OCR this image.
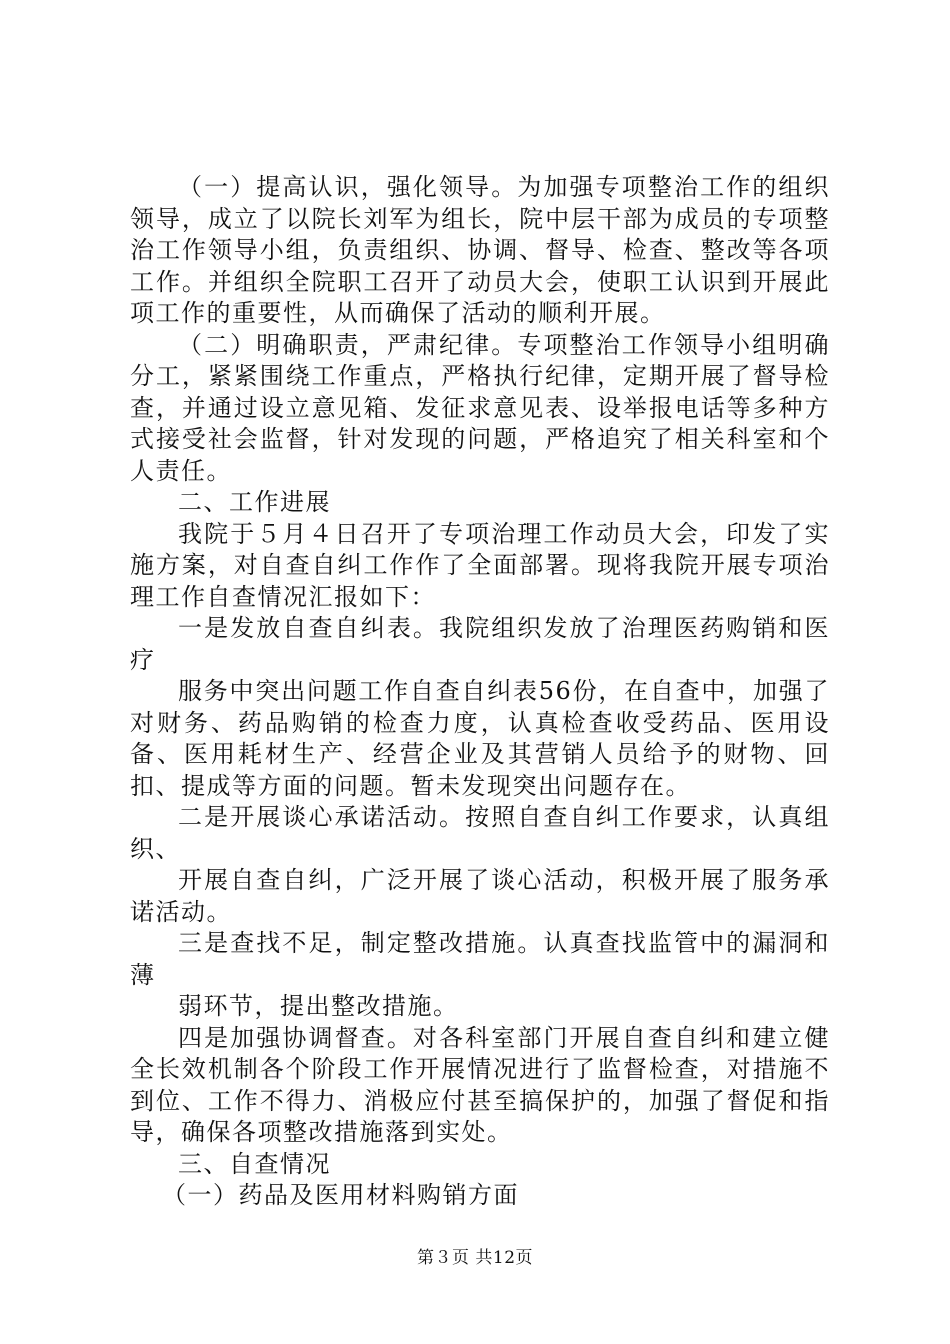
（一）提高认识，强化领导。为加强专项整治工作的组织领导，成立了以院长刘军为组长，院中层干部为成员的专项整治工作领导小组，负责组织、协调、督导、检查、整改等各项工作。并组织全院职工召开了动员大会，使职工认识到开展此项工作的重要性，从而确保了活动的顺利开展。

（二）明确职责，严肃纪律。专项整治工作领导小组明确分工，紧紧围绕工作重点，严格执行纪律，定期开展了督导检查，并通过设立意见箱、发征求意见表、设举报电话等多种方式接受社会监督，针对发现的问题，严格追究了相关科室和个人责任。

二、工作进展

我院于５月４日召开了专项治理工作动员大会，印发了实施方案，对自查自纠工作作了全面部署。现将我院开展专项治理工作自查情况汇报如下：

一是发放自查自纠表。我院组织发放了治理医药购销和医疗

服务中突出问题工作自查自纠表56份，在自查中，加强了对财务、药品购销的检查力度，认真检查收受药品、医用设备、医用耗材生产、经营企业及其营销人员给予的财物、回扣、提成等方面的问题。暂未发现突出问题存在。

二是开展谈心承诺活动。按照自查自纠工作要求，认真组织、

开展自查自纠，广泛开展了谈心活动，积极开展了服务承诺活动。

三是查找不足，制定整改措施。认真查找监管中的漏洞和薄

弱环节，提出整改措施。

四是加强协调督查。对各科室部门开展自查自纠和建立健全长效机制各个阶段工作开展情况进行了监督检查，对措施不到位、工作不得力、消极应付甚至搞保护的，加强了督促和指导，确保各项整改措施落到实处。

三、自查情况

（一）药品及医用材料购销方面

第３页 共12页
